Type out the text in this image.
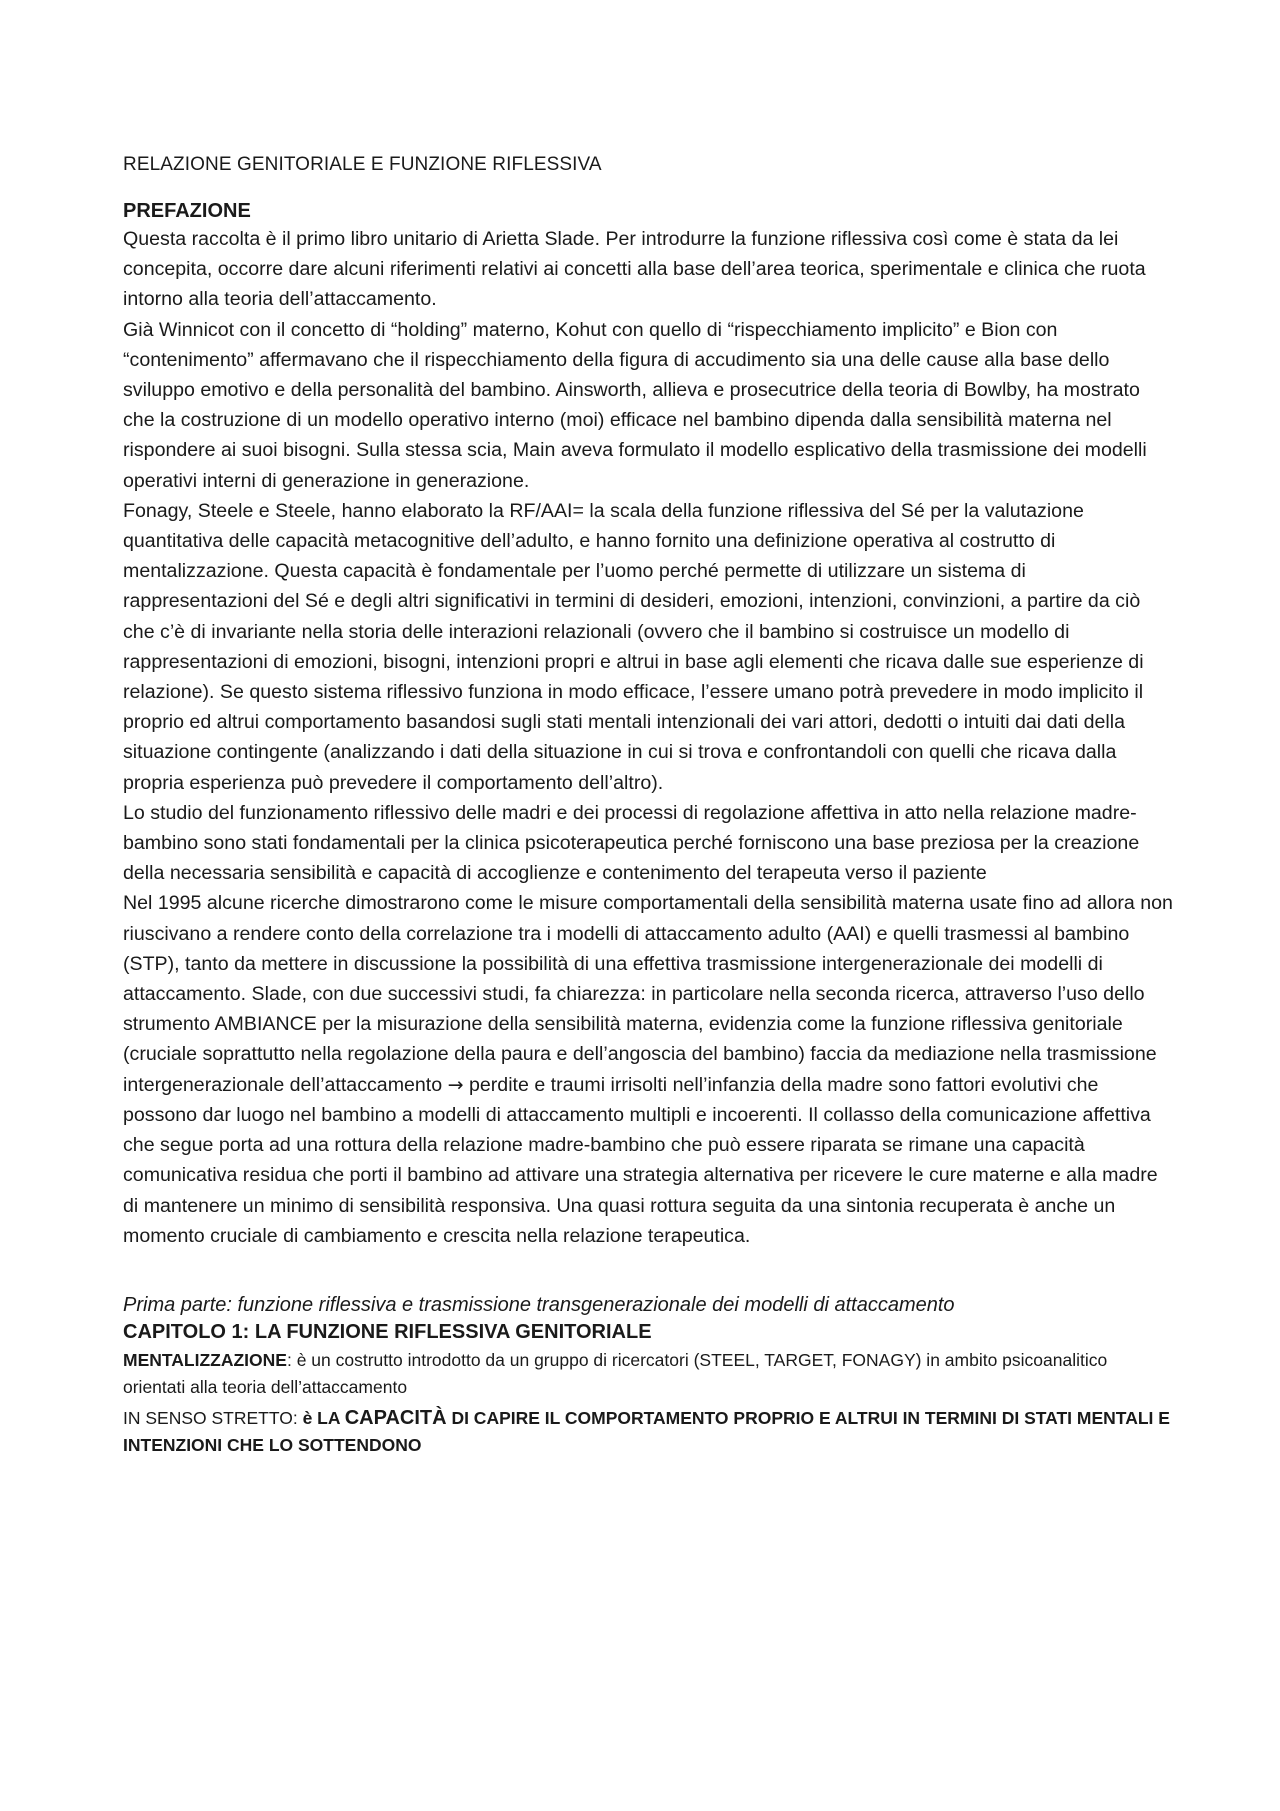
RELAZIONE GENITORIALE E FUNZIONE RIFLESSIVA

PREFAZIONE

Questa raccolta è il primo libro unitario di Arietta Slade. Per introdurre la funzione riflessiva così come è stata da lei concepita, occorre dare alcuni riferimenti relativi ai concetti alla base dell’area teorica, sperimentale e clinica che ruota intorno alla teoria dell’attaccamento.

Già Winnicot con il concetto di “holding” materno, Kohut con quello di “rispecchiamento implicito” e Bion con “contenimento” affermavano che il rispecchiamento della figura di accudimento sia una delle cause alla base dello sviluppo emotivo e della personalità del bambino. Ainsworth, allieva e prosecutrice della teoria di Bowlby, ha mostrato che la costruzione di un modello operativo interno (moi) efficace nel bambino dipenda dalla sensibilità materna nel rispondere ai suoi bisogni. Sulla stessa scia, Main aveva formulato il modello esplicativo della trasmissione dei modelli operativi interni di generazione in generazione.

Fonagy, Steele e Steele, hanno elaborato la RF/AAI= la scala della funzione riflessiva del Sé per la valutazione quantitativa delle capacità metacognitive dell’adulto, e hanno fornito una definizione operativa al costrutto di mentalizzazione. Questa capacità è fondamentale per l’uomo perché permette di utilizzare un sistema di rappresentazioni del Sé e degli altri significativi in termini di desideri, emozioni, intenzioni, convinzioni, a partire da ciò che c’è di invariante nella storia delle interazioni relazionali (ovvero che il bambino si costruisce un modello di rappresentazioni di emozioni, bisogni, intenzioni propri e altrui in base agli elementi che ricava dalle sue esperienze di relazione). Se questo sistema riflessivo funziona in modo efficace, l’essere umano potrà prevedere in modo implicito il proprio ed altrui comportamento basandosi sugli stati mentali intenzionali dei vari attori, dedotti o intuiti dai dati della situazione contingente (analizzando i dati della situazione in cui si trova e confrontandoli con quelli che ricava dalla propria esperienza può prevedere il comportamento dell’altro).

Lo studio del funzionamento riflessivo delle madri e dei processi di regolazione affettiva in atto nella relazione madre-bambino sono stati fondamentali per la clinica psicoterapeutica perché forniscono una base preziosa per la creazione della necessaria sensibilità e capacità di accoglienze e contenimento del terapeuta verso il paziente

Nel 1995 alcune ricerche dimostrarono come le misure comportamentali della sensibilità materna usate fino ad allora non riuscivano a rendere conto della correlazione tra i modelli di attaccamento adulto (AAI) e quelli trasmessi al bambino (STP), tanto da mettere in discussione la possibilità di una effettiva trasmissione intergenerazionale dei modelli di attaccamento. Slade, con due successivi studi, fa chiarezza: in particolare nella seconda ricerca, attraverso l’uso dello strumento AMBIANCE per la misurazione della sensibilità materna, evidenzia come la funzione riflessiva genitoriale (cruciale soprattutto nella regolazione della paura e dell’angoscia del bambino) faccia da mediazione nella trasmissione intergenerazionale dell’attaccamento → perdite e traumi irrisolti nell’infanzia della madre sono fattori evolutivi che possono dar luogo nel bambino a modelli di attaccamento multipli e incoerenti. Il collasso della comunicazione affettiva che segue porta ad una rottura della relazione madre-bambino che può essere riparata se rimane una capacità comunicativa residua che porti il bambino ad attivare una strategia alternativa per ricevere le cure materne e alla madre di mantenere un minimo di sensibilità responsiva. Una quasi rottura seguita da una sintonia recuperata è anche un momento cruciale di cambiamento e crescita nella relazione terapeutica.

Prima parte: funzione riflessiva e trasmissione transgenerazionale dei modelli di attaccamento

CAPITOLO 1: LA FUNZIONE RIFLESSIVA GENITORIALE

MENTALIZZAZIONE: è un costrutto introdotto da un gruppo di ricercatori (STEEL, TARGET, FONAGY) in ambito psicoanalitico orientati alla teoria dell’attaccamento

IN SENSO STRETTO: è LA CAPACITÀ DI CAPIRE IL COMPORTAMENTO PROPRIO E ALTRUI IN TERMINI DI STATI MENTALI E INTENZIONI CHE LO SOTTENDONO
